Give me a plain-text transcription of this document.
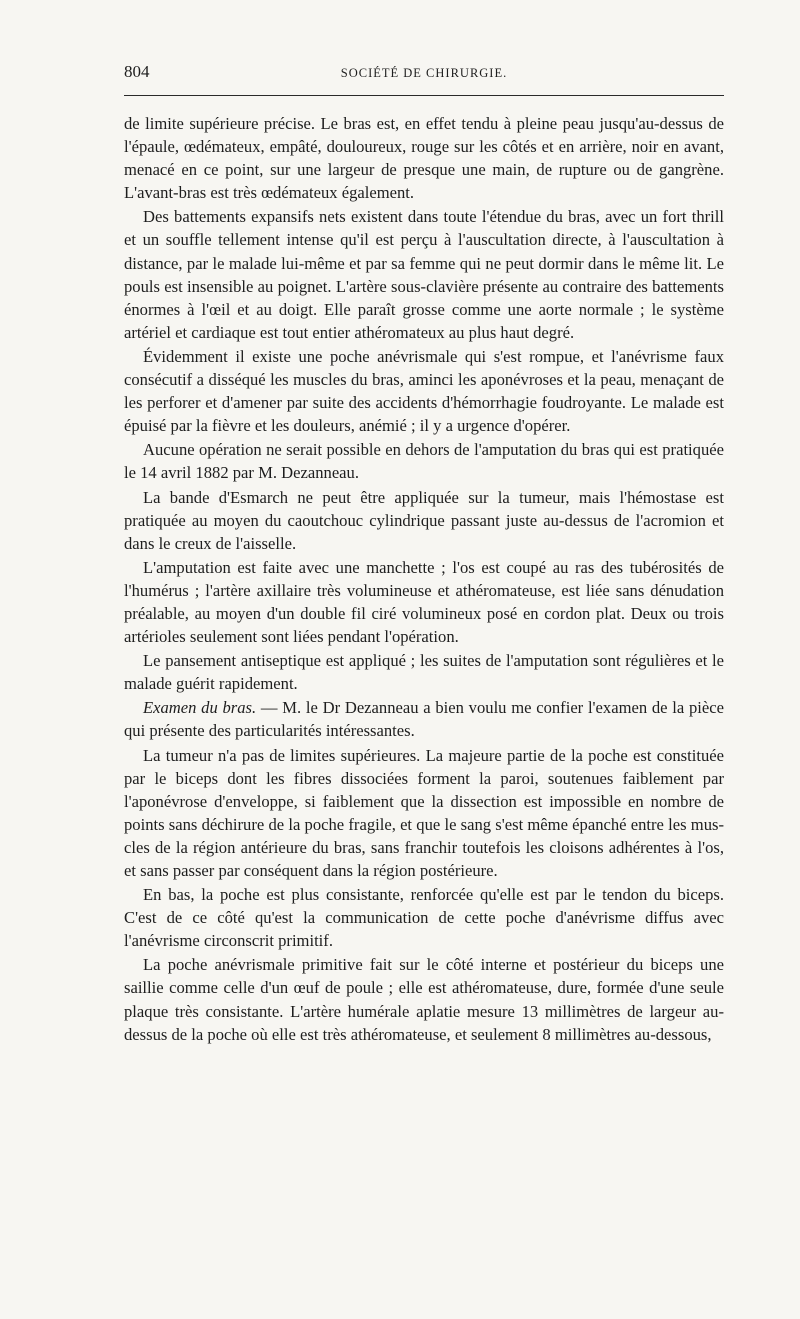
804	SOCIÉTÉ DE CHIRURGIE.

de limite supérieure précise. Le bras est, en effet tendu à pleine peau jusqu'au-dessus de l'épaule, œdémateux, empâté, douloureux, rouge sur les côtés et en arrière, noir en avant, menacé en ce point, sur une largeur de presque une main, de rupture ou de gangrène. L'avant-bras est très œdémateux également.

Des battements expansifs nets existent dans toute l'étendue du bras, avec un fort thrill et un souffle tellement intense qu'il est perçu à l'auscultation directe, à l'auscultation à distance, par le malade lui-même et par sa femme qui ne peut dormir dans le même lit. Le pouls est insensible au poignet. L'artère sous-clavière présente au contraire des battements énormes à l'œil et au doigt. Elle paraît grosse comme une aorte normale ; le système artériel et cardiaque est tout entier athéromateux au plus haut degré.

Évidemment il existe une poche anévrismale qui s'est rompue, et l'anévrisme faux consécutif a disséqué les muscles du bras, aminci les aponévroses et la peau, menaçant de les perforer et d'amener par suite des accidents d'hémorrhagie foudroyante. Le malade est épuisé par la fièvre et les douleurs, anémié ; il y a urgence d'opérer.

Aucune opération ne serait possible en dehors de l'amputation du bras qui est pratiquée le 14 avril 1882 par M. Dezanneau.

La bande d'Esmarch ne peut être appliquée sur la tumeur, mais l'hémostase est pratiquée au moyen du caoutchouc cylindrique passant juste au-dessus de l'acromion et dans le creux de l'aisselle.

L'amputation est faite avec une manchette ; l'os est coupé au ras des tubérosités de l'humérus ; l'artère axillaire très volumineuse et athéromateuse, est liée sans dénudation préalable, au moyen d'un double fil ciré volumineux posé en cordon plat. Deux ou trois artérioles seulement sont liées pendant l'opération.

Le pansement antiseptique est appliqué ; les suites de l'amputation sont régulières et le malade guérit rapidement.

Examen du bras. — M. le Dr Dezanneau a bien voulu me confier l'examen de la pièce qui présente des particularités intéressantes.

La tumeur n'a pas de limites supérieures. La majeure partie de la poche est constituée par le biceps dont les fibres dissociées forment la paroi, soutenues faiblement par l'aponévrose d'enveloppe, si faiblement que la dissection est impossible en nombre de points sans déchirure de la poche fragile, et que le sang s'est même épanché entre les muscles de la région antérieure du bras, sans franchir toutefois les cloisons adhérentes à l'os, et sans passer par conséquent dans la région postérieure.

En bas, la poche est plus consistante, renforcée qu'elle est par le tendon du biceps. C'est de ce côté qu'est la communication de cette poche d'anévrisme diffus avec l'anévrisme circonscrit primitif.

La poche anévrismale primitive fait sur le côté interne et postérieur du biceps une saillie comme celle d'un œuf de poule ; elle est athéromateuse, dure, formée d'une seule plaque très consistante. L'artère humérale aplatie mesure 13 millimètres de largeur au-dessus de la poche où elle est très athéromateuse, et seulement 8 millimètres au-dessous,
